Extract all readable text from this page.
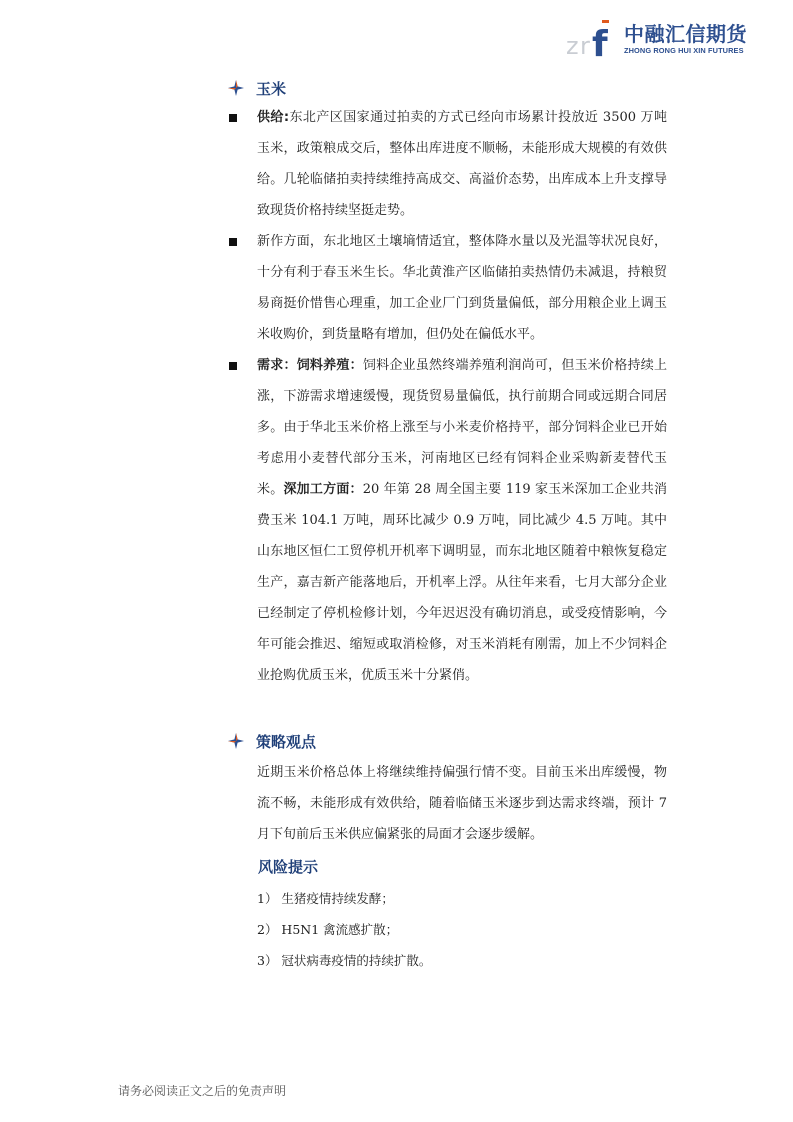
z r f 中融汇信期货
ZHONG RONG HUI XIN FUTURES
玉米
供给:东北产区国家通过拍卖的方式已经向市场累计投放近 3500 万吨玉米，政策粮成交后，整体出库进度不顺畅，未能形成大规模的有效供给。几轮临储拍卖持续维持高成交、高溢价态势，出库成本上升支撑导致现货价格持续坚挺走势。
新作方面，东北地区土壤墒情适宜，整体降水量以及光温等状况良好，十分有利于春玉米生长。华北黄淮产区临储拍卖热情仍未减退，持粮贸易商挺价惜售心理重，加工企业厂门到货量偏低，部分用粮企业上调玉米收购价，到货量略有增加，但仍处在偏低水平。
需求：饲料养殖：饲料企业虽然终端养殖利润尚可，但玉米价格持续上涨，下游需求增速缓慢，现货贸易量偏低，执行前期合同或远期合同居多。由于华北玉米价格上涨至与小米麦价格持平，部分饲料企业已开始考虑用小麦替代部分玉米，河南地区已经有饲料企业采购新麦替代玉米。深加工方面：20 年第 28 周全国主要 119 家玉米深加工企业共消费玉米 104.1 万吨，周环比减少 0.9 万吨，同比减少 4.5 万吨。其中山东地区恒仁工贸停机开机率下调明显，而东北地区随着中粮恢复稳定生产，嘉吉新产能落地后，开机率上浮。从往年来看，七月大部分企业已经制定了停机检修计划，今年迟迟没有确切消息，或受疫情影响，今年可能会推迟、缩短或取消检修，对玉米消耗有刚需，加上不少饲料企业抢购优质玉米，优质玉米十分紧俏。
策略观点
近期玉米价格总体上将继续维持偏强行情不变。目前玉米出库缓慢，物流不畅，未能形成有效供给，随着临储玉米逐步到达需求终端，预计 7 月下旬前后玉米供应偏紧张的局面才会逐步缓解。
风险提示
1） 生猪疫情持续发酵；
2） H5N1 禽流感扩散；
3） 冠状病毒疫情的持续扩散。
请务必阅读正文之后的免责声明
